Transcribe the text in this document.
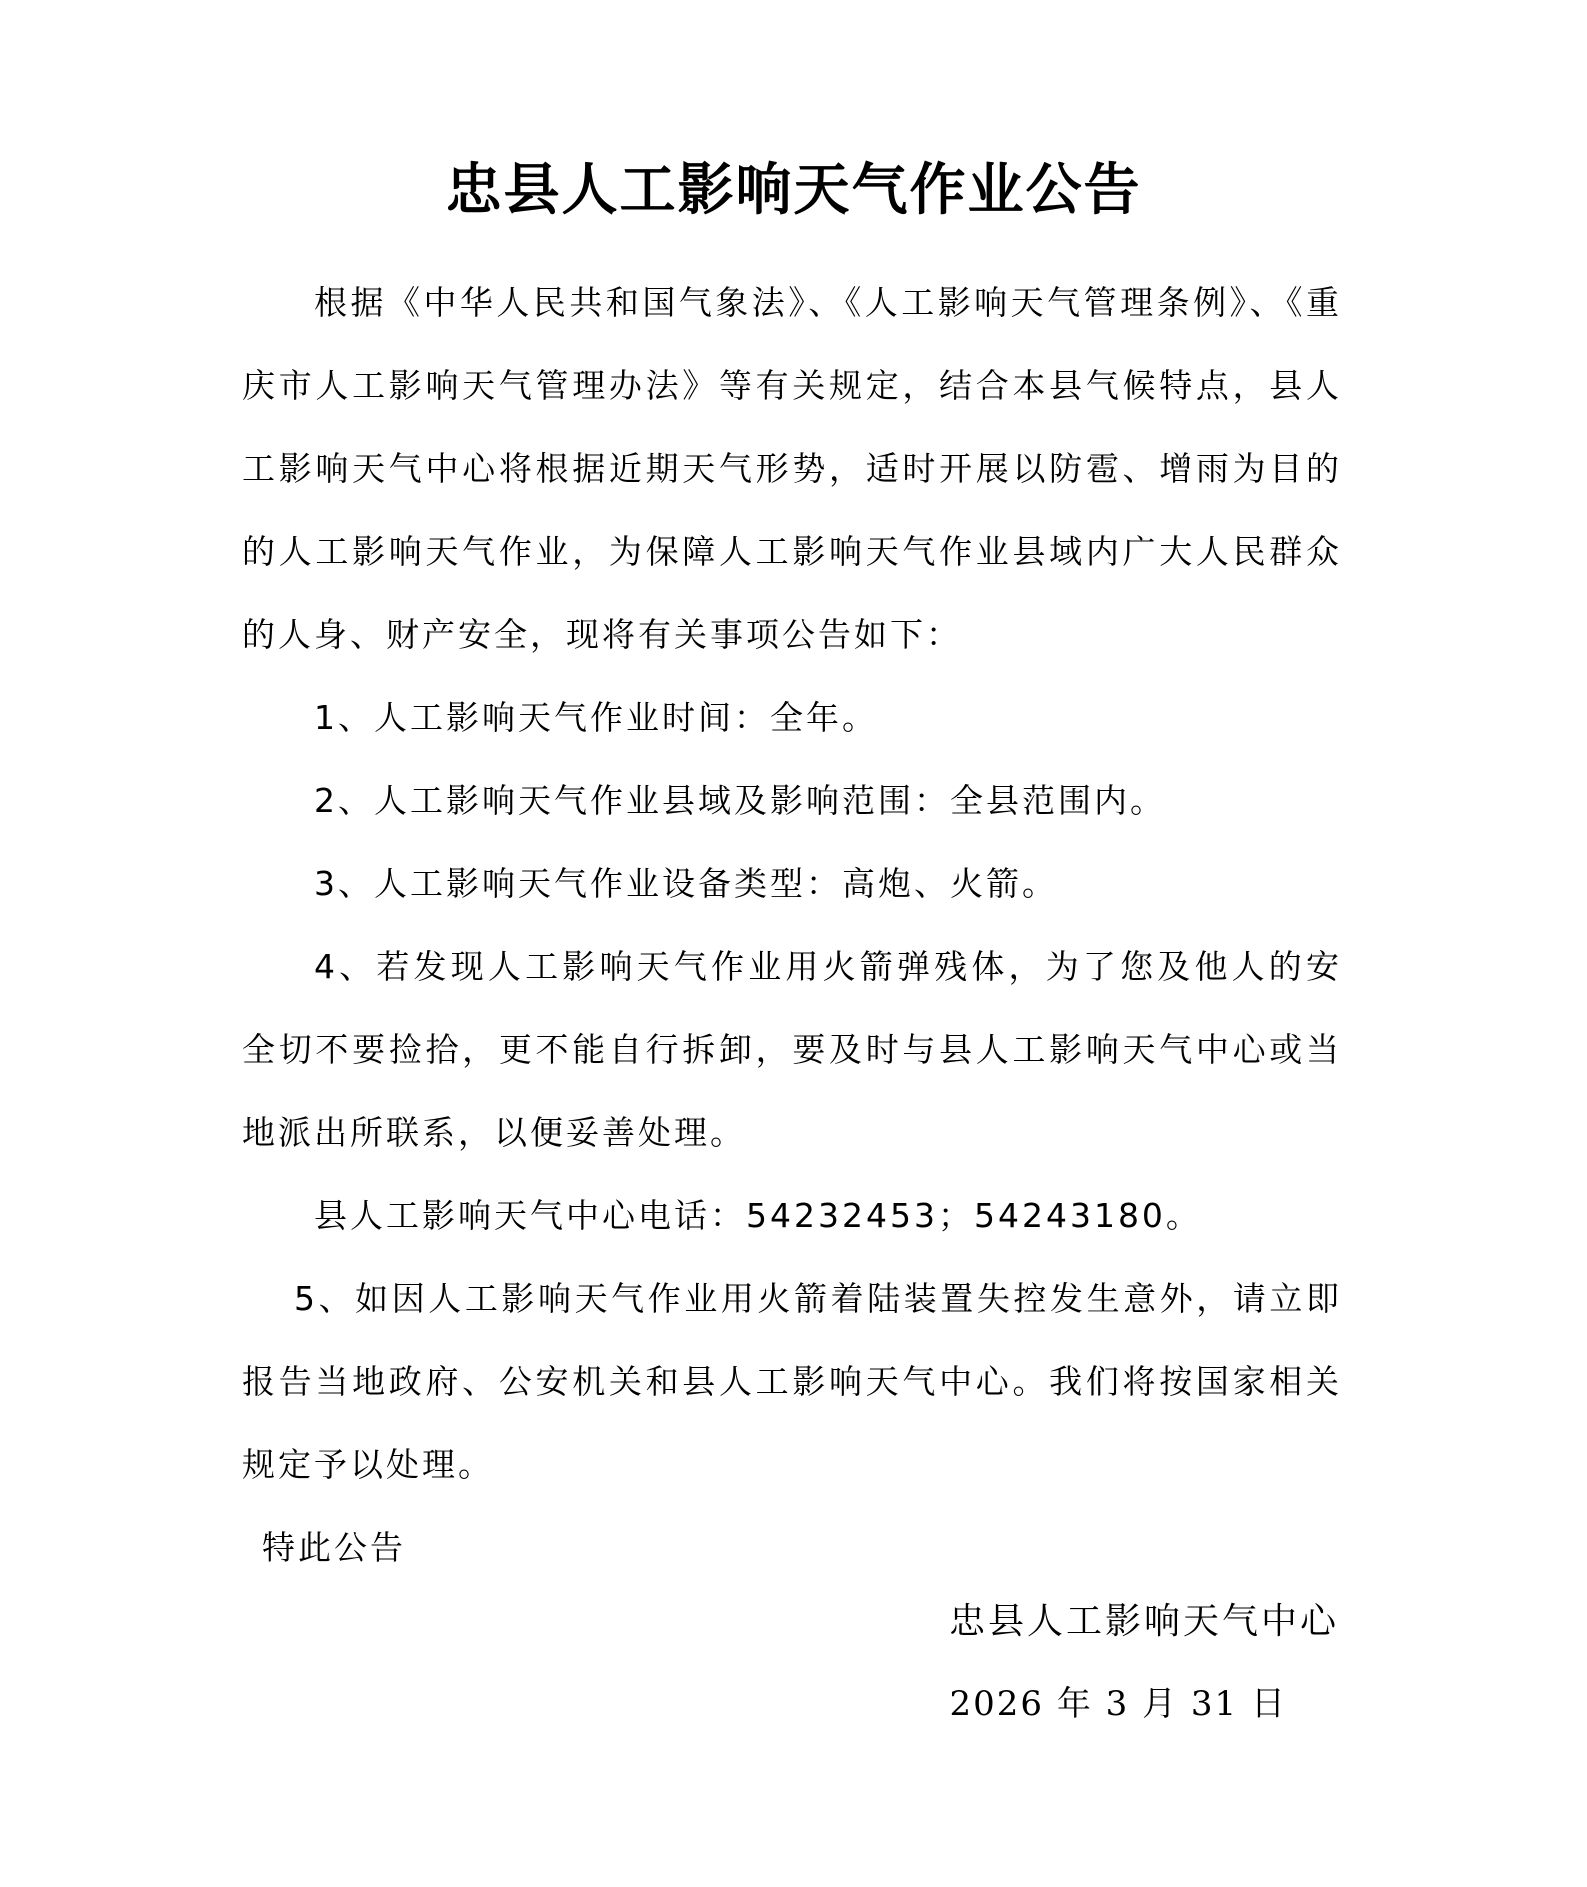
忠县人工影响天气作业公告

根据《中华人民共和国气象法》、《人工影响天气管理条例》、《重庆市人工影响天气管理办法》等有关规定，结合本县气候特点，县人工影响天气中心将根据近期天气形势，适时开展以防雹、增雨为目的的人工影响天气作业，为保障人工影响天气作业县域内广大人民群众的人身、财产安全，现将有关事项公告如下：

1、人工影响天气作业时间：全年。

2、人工影响天气作业县域及影响范围：全县范围内。

3、人工影响天气作业设备类型：高炮、火箭。

4、若发现人工影响天气作业用火箭弹残体，为了您及他人的安全切不要捡拾，更不能自行拆卸，要及时与县人工影响天气中心或当地派出所联系，以便妥善处理。

县人工影响天气中心电话：54232453；54243180。

5、如因人工影响天气作业用火箭着陆装置失控发生意外，请立即报告当地政府、公安机关和县人工影响天气中心。我们将按国家相关规定予以处理。

特此公告

忠县人工影响天气中心
2026 年 3 月 31 日
